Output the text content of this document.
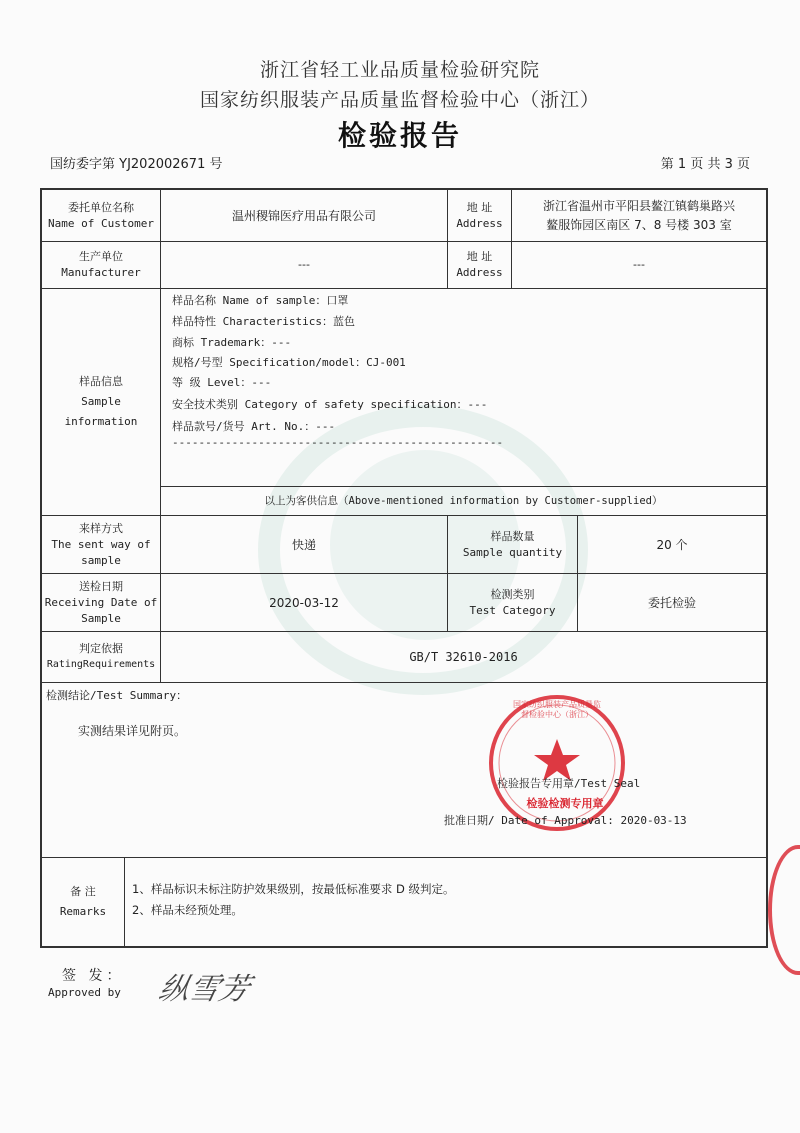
浙江省轻工业品质量检验研究院
国家纺织服装产品质量监督检验中心（浙江）
检验报告
国纺委字第 YJ202002671 号	第 1 页 共 3 页
委托单位名称
Name of Customer
温州稷锦医疗用品有限公司
地 址
Address
浙江省温州市平阳县鳌江镇鹤巢路兴
鳌服饰园区南区 7、8 号楼 303 室
生产单位
Manufacturer
---
地 址
Address
---
样品信息
Sample
information
样品名称 Name of sample：口罩
样品特性 Characteristics：蓝色
商标 Trademark：---
规格/号型 Specification/model：CJ-001
等 级 Level：---
安全技术类别 Category of safety specification：---
样品款号/货号 Art. No.：---
--------------------------------------------------
以上为客供信息（Above-mentioned information by Customer-supplied）
来样方式
The sent way of
sample
快递
样品数量
Sample quantity
20 个
送检日期
Receiving Date of
Sample
2020-03-12
检测类别
Test Category
委托检验
判定依据
RatingRequirements
GB/T 32610-2016
检测结论/Test Summary：
实测结果详见附页。
国家纺织服装产品质量监督检验中心（浙江）
检验检测专用章
检验报告专用章/Test Seal
批准日期/ Date of Approval: 2020-03-13
备 注
Remarks
1、样品标识未标注防护效果级别，按最低标准要求 D 级判定。
2、样品未经预处理。
签 发：
Approved by 纵雪芳
